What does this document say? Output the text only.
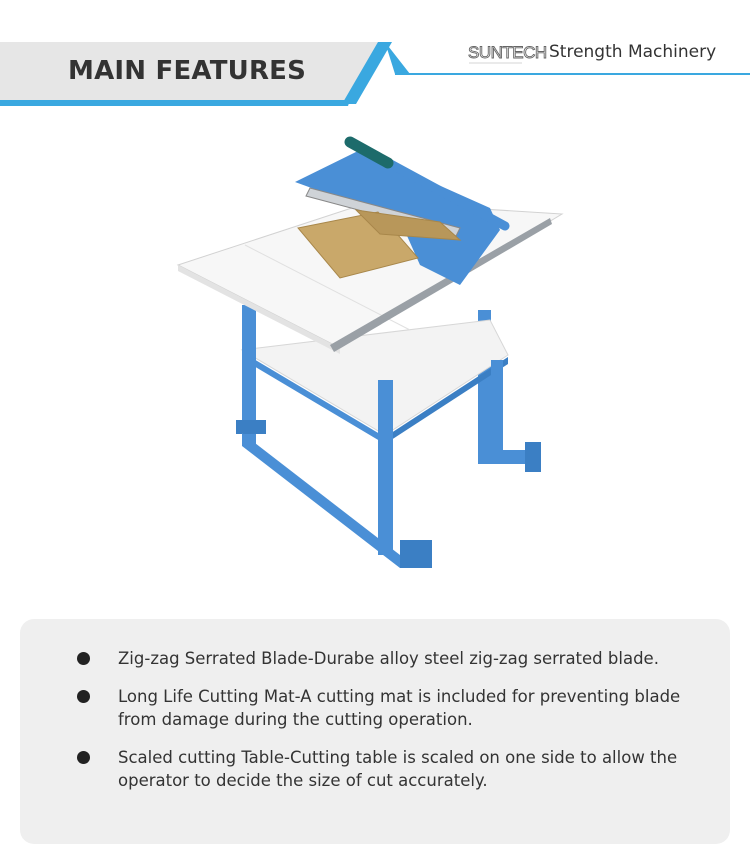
MAIN FEATURES
SUNTECH Strength Machinery
Zig-zag Serrated Blade-Durabe alloy steel zig-zag serrated blade.
Long Life Cutting Mat-A cutting mat is included for preventing blade from damage during the cutting operation.
Scaled cutting Table-Cutting table is scaled on one side to allow the operator to decide the size of cut accurately.
